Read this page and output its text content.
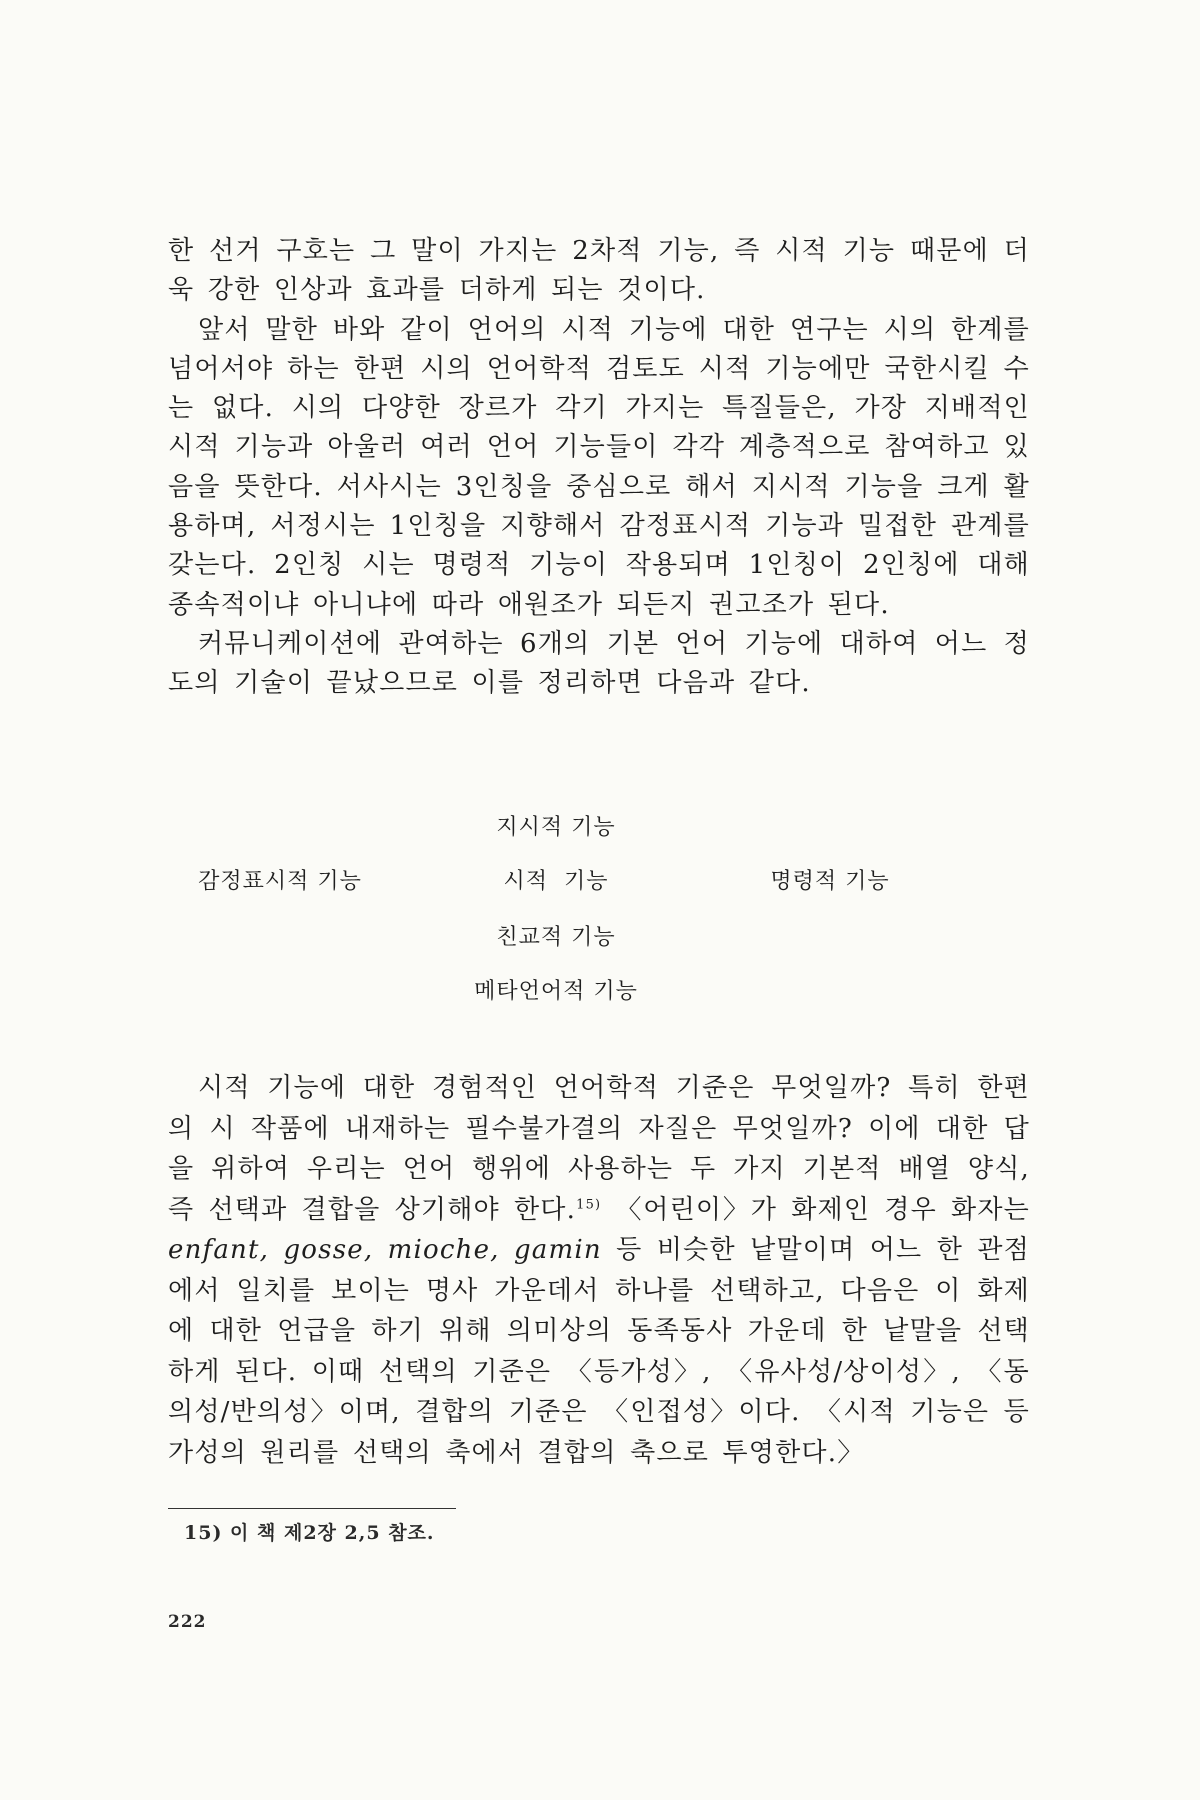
한 선거 구호는 그 말이 가지는 2차적 기능, 즉 시적 기능 때문에 더욱 강한 인상과 효과를 더하게 되는 것이다.

앞서 말한 바와 같이 언어의 시적 기능에 대한 연구는 시의 한계를 넘어서야 하는 한편 시의 언어학적 검토도 시적 기능에만 국한시킬 수는 없다. 시의 다양한 장르가 각기 가지는 특질들은, 가장 지배적인 시적 기능과 아울러 여러 언어 기능들이 각각 계층적으로 참여하고 있음을 뜻한다. 서사시는 3인칭을 중심으로 해서 지시적 기능을 크게 활용하며, 서정시는 1인칭을 지향해서 감정표시적 기능과 밀접한 관계를 갖는다. 2인칭 시는 명령적 기능이 작용되며 1인칭이 2인칭에 대해 종속적이냐 아니냐에 따라 애원조가 되든지 권고조가 된다.

커뮤니케이션에 관여하는 6개의 기본 언어 기능에 대하여 어느 정도의 기술이 끝났으므로 이를 정리하면 다음과 같다.

지시적 기능
감정표시적 기능	시적  기능	명령적 기능
친교적 기능
메타언어적 기능

시적 기능에 대한 경험적인 언어학적 기준은 무엇일까? 특히 한편의 시 작품에 내재하는 필수불가결의 자질은 무엇일까? 이에 대한 답을 위하여 우리는 언어 행위에 사용하는 두 가지 기본적 배열 양식, 즉 선택과 결합을 상기해야 한다.$^{15)}$ 〈어린이〉가 화제인 경우 화자는 enfant, gosse, mioche, gamin 등 비슷한 낱말이며 어느 한 관점에서 일치를 보이는 명사 가운데서 하나를 선택하고, 다음은 이 화제에 대한 언급을 하기 위해 의미상의 동족동사 가운데 한 낱말을 선택하게 된다. 이때 선택의 기준은 〈등가성〉, 〈유사성/상이성〉, 〈동의성/반의성〉이며, 결합의 기준은 〈인접성〉이다. 〈시적 기능은 등가성의 원리를 선택의 축에서 결합의 축으로 투영한다.〉

15) 이 책 제2장 2,5 참조.
222
